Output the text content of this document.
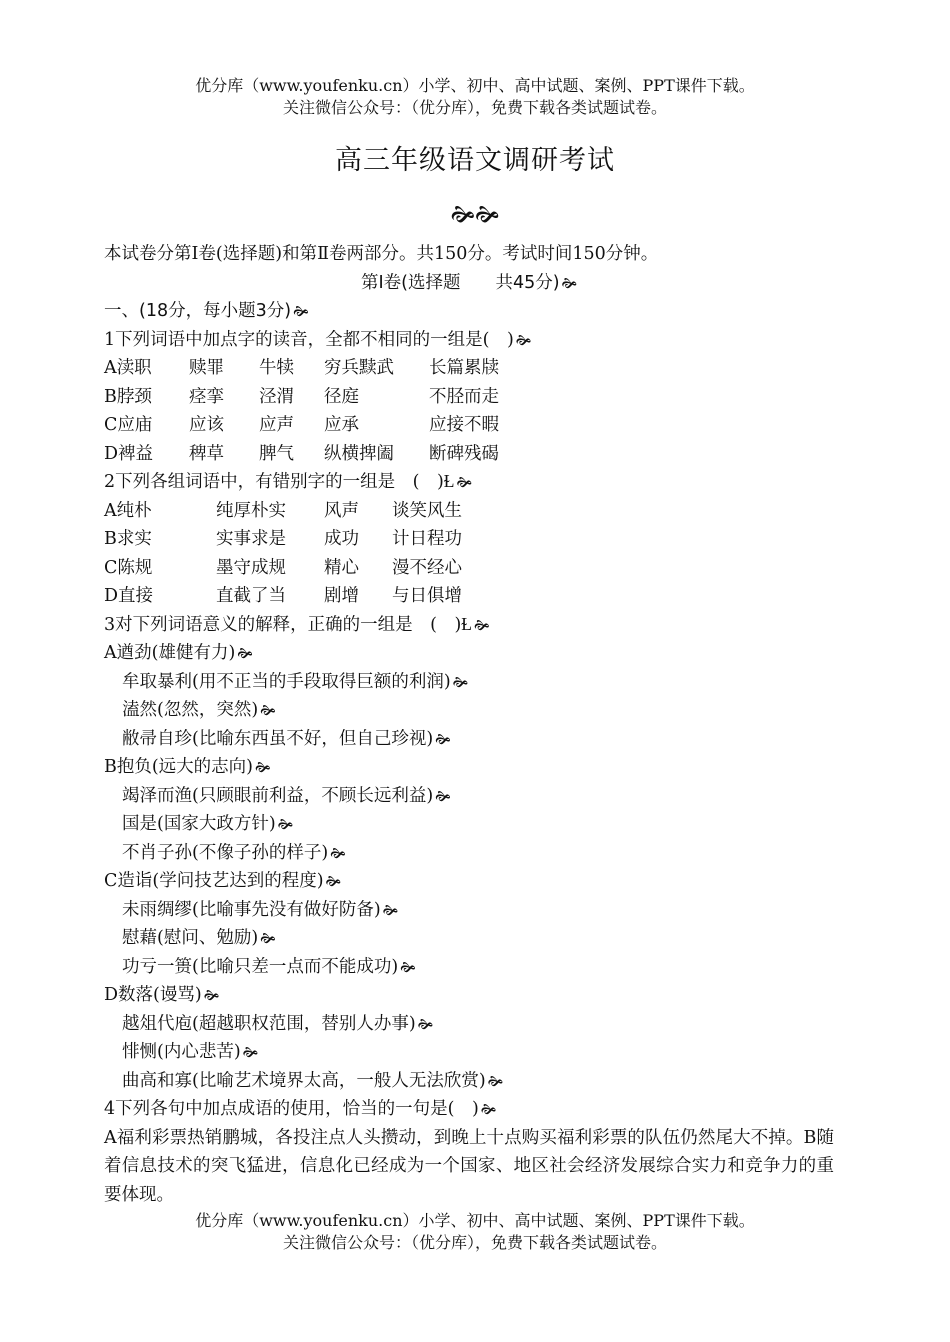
优分库（www.youfenku.cn）小学、初中、高中试题、案例、PPT课件下载。
关注微信公众号：（优分库），免费下载各类试题试卷。
高三年级语文调研考试
🙞🙞
本试卷分第Ⅰ卷(选择题)和第Ⅱ卷两部分。共150分。考试时间150分钟。
第Ⅰ卷(选择题　　共45分) 🙞
一、(18分，每小题3分) 🙞
1下列词语中加点字的读音，全都不相同的一组是(　) 🙞
A渎职 赎罪 牛犊 穷兵黩武 长篇累牍
B脖颈 痉挛 泾渭 径庭	不胫而走
C应庙 应该 应声 应承	应接不暇
D裨益 稗草 脾气 纵横捭阖 断碑残碣
2下列各组词语中，有错别字的一组是　(　)Ɫ 🙞
A纯朴	纯厚朴实 风声 谈笑风生
B求实	实事求是 成功 计日程功
C陈规	墨守成规 精心 漫不经心
D直接	直截了当 剧增 与日俱增
3对下列词语意义的解释，正确的一组是　(　)Ɫ 🙞
A遒劲(雄健有力) 🙞
牟取暴利(用不正当的手段取得巨额的利润) 🙞
溘然(忽然，突然) 🙞
敝帚自珍(比喻东西虽不好，但自己珍视) 🙞
B抱负(远大的志向) 🙞
竭泽而渔(只顾眼前利益，不顾长远利益) 🙞
国是(国家大政方针) 🙞
不肖子孙(不像子孙的样子) 🙞
C造诣(学问技艺达到的程度) 🙞
未雨绸缪(比喻事先没有做好防备) 🙞
慰藉(慰问、勉励) 🙞
功亏一篑(比喻只差一点而不能成功) 🙞
D数落(谩骂) 🙞
越俎代庖(超越职权范围，替别人办事) 🙞
悱恻(内心悲苦) 🙞
曲高和寡(比喻艺术境界太高，一般人无法欣赏) 🙞
4下列各句中加点成语的使用，恰当的一句是(　) 🙞
A福利彩票热销鹏城，各投注点人头攒动，到晚上十点购买福利彩票的队伍仍然尾大不掉。B随着信息技术的突飞猛进，信息化已经成为一个国家、地区社会经济发展综合实力和竞争力的重要体现。
优分库（www.youfenku.cn）小学、初中、高中试题、案例、PPT课件下载。
关注微信公众号：（优分库），免费下载各类试题试卷。
